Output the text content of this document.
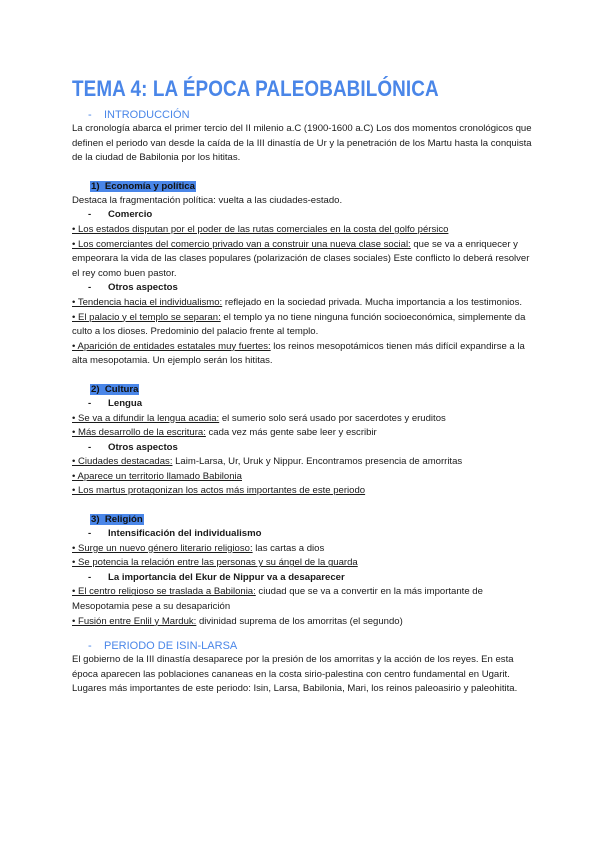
TEMA 4: LA ÉPOCA PALEOBABILÓNICA
- INTRODUCCIÓN

La cronología abarca el primer tercio del II milenio a.C (1900-1600 a.C) Los dos momentos cronológicos que definen el periodo van desde la caída de la III dinastía de Ur y la penetración de los Martu hasta la conquista de la ciudad de Babilonia por los hititas.

1) Economía y política

Destaca la fragmentación política: vuelta a las ciudades-estado.

- Comercio

• Los estados disputan por el poder de las rutas comerciales en la costa del golfo pérsico

• Los comerciantes del comercio privado van a construir una nueva clase social: que se va a enriquecer y empeorara la vida de las clases populares (polarización de clases sociales) Este conflicto lo deberá resolver el rey como buen pastor.

- Otros aspectos

• Tendencia hacia el individualismo: reflejado en la sociedad privada. Mucha importancia a los testimonios.

• El palacio y el templo se separan: el templo ya no tiene ninguna función socioeconómica, simplemente da culto a los dioses. Predominio del palacio frente al templo.

• Aparición de entidades estatales muy fuertes: los reinos mesopotámicos tienen más difícil expandirse a la alta mesopotamia. Un ejemplo serán los hititas.

2) Cultura
- Lengua

• Se va a difundir la lengua acadia: el sumerio solo será usado por sacerdotes y eruditos

• Más desarrollo de la escritura: cada vez más gente sabe leer y escribir

- Otros aspectos

• Ciudades destacadas: Laim-Larsa, Ur, Uruk y Nippur. Encontramos presencia de amorritas

• Aparece un territorio llamado Babilonia

• Los martus protagonizan los actos más importantes de este periodo

3) Religión
- Intensificación del individualismo

• Surge un nuevo género literario religioso: las cartas a dios

• Se potencia la relación entre las personas y su ángel de la guarda

- La importancia del Ekur de Nippur va a desaparecer

• El centro religioso se traslada a Babilonia: ciudad que se va a convertir en la más importante de Mesopotamia pese a su desaparición

• Fusión entre Enlil y Marduk: divinidad suprema de los amorritas (el segundo)

- PERIODO DE ISIN-LARSA

El gobierno de la III dinastía desaparece por la presión de los amorritas y la acción de los reyes. En esta época aparecen las poblaciones cananeas en la costa sirio-palestina con centro fundamental en Ugarit. Lugares más importantes de este periodo: Isin, Larsa, Babilonia, Mari, los reinos paleoasirio y paleohitita.
